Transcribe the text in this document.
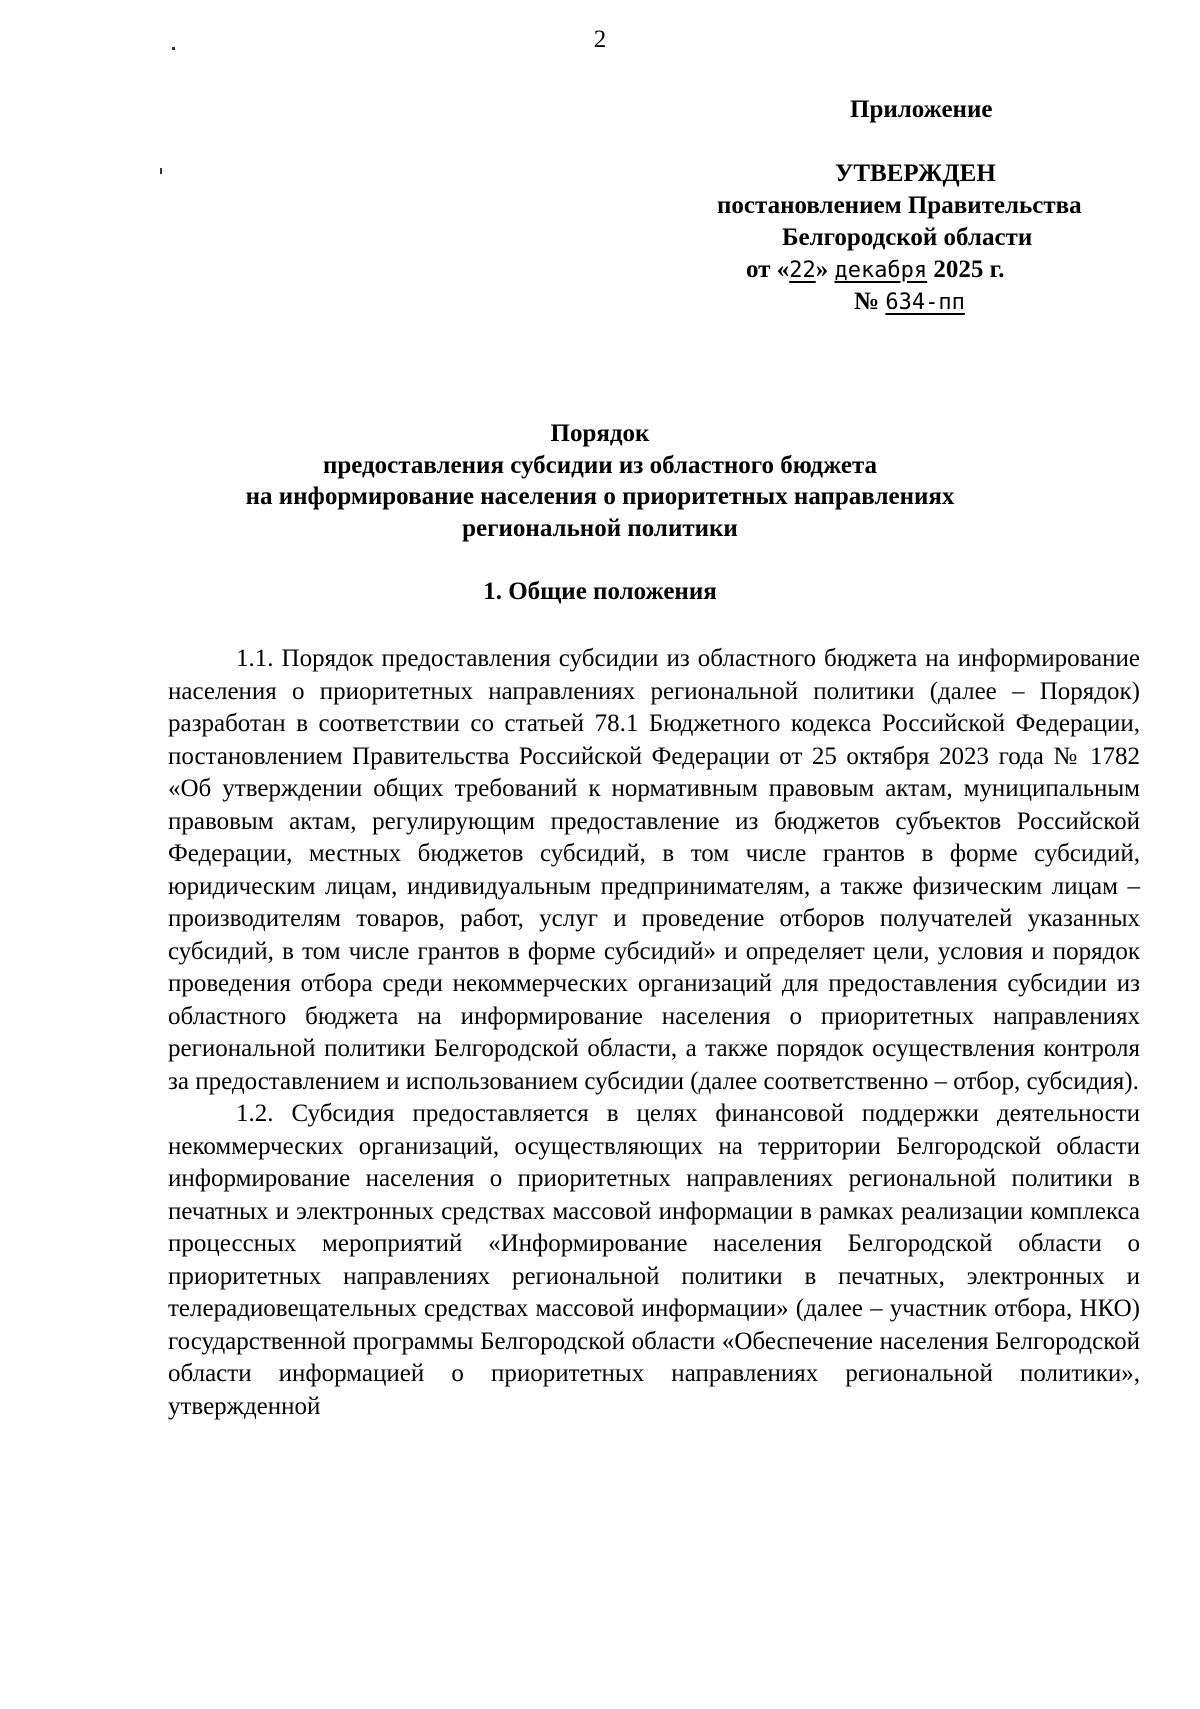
2
Приложение
УТВЕРЖДЕН
постановлением Правительства
Белгородской области
от «22» декабря 2025 г.
№ 634-пп
Порядок
предоставления субсидии из областного бюджета
на информирование населения о приоритетных направлениях
региональной политики
1. Общие положения

1.1. Порядок предоставления субсидии из областного бюджета на информирование населения о приоритетных направлениях региональной политики (далее – Порядок) разработан в соответствии со статьей 78.1 Бюджетного кодекса Российской Федерации, постановлением Правительства Российской Федерации от 25 октября 2023 года № 1782 «Об утверждении общих требований к нормативным правовым актам, муниципальным правовым актам, регулирующим предоставление из бюджетов субъектов Российской Федерации, местных бюджетов субсидий, в том числе грантов в форме субсидий, юридическим лицам, индивидуальным предпринимателям, а также физическим лицам – производителям товаров, работ, услуг и проведение отборов получателей указанных субсидий, в том числе грантов в форме субсидий» и определяет цели, условия и порядок проведения отбора среди некоммерческих организаций для предоставления субсидии из областного бюджета на информирование населения о приоритетных направлениях региональной политики Белгородской области, а также порядок осуществления контроля за предоставлением и использованием субсидии (далее соответственно – отбор, субсидия).

1.2. Субсидия предоставляется в целях финансовой поддержки деятельности некоммерческих организаций, осуществляющих на территории Белгородской области информирование населения о приоритетных направлениях региональной политики в печатных и электронных средствах массовой информации в рамках реализации комплекса процессных мероприятий «Информирование населения Белгородской области о приоритетных направлениях региональной политики в печатных, электронных и телерадиовещательных средствах массовой информации» (далее – участник отбора, НКО) государственной программы Белгородской области «Обеспечение населения Белгородской области информацией о приоритетных направлениях региональной политики», утвержденной
